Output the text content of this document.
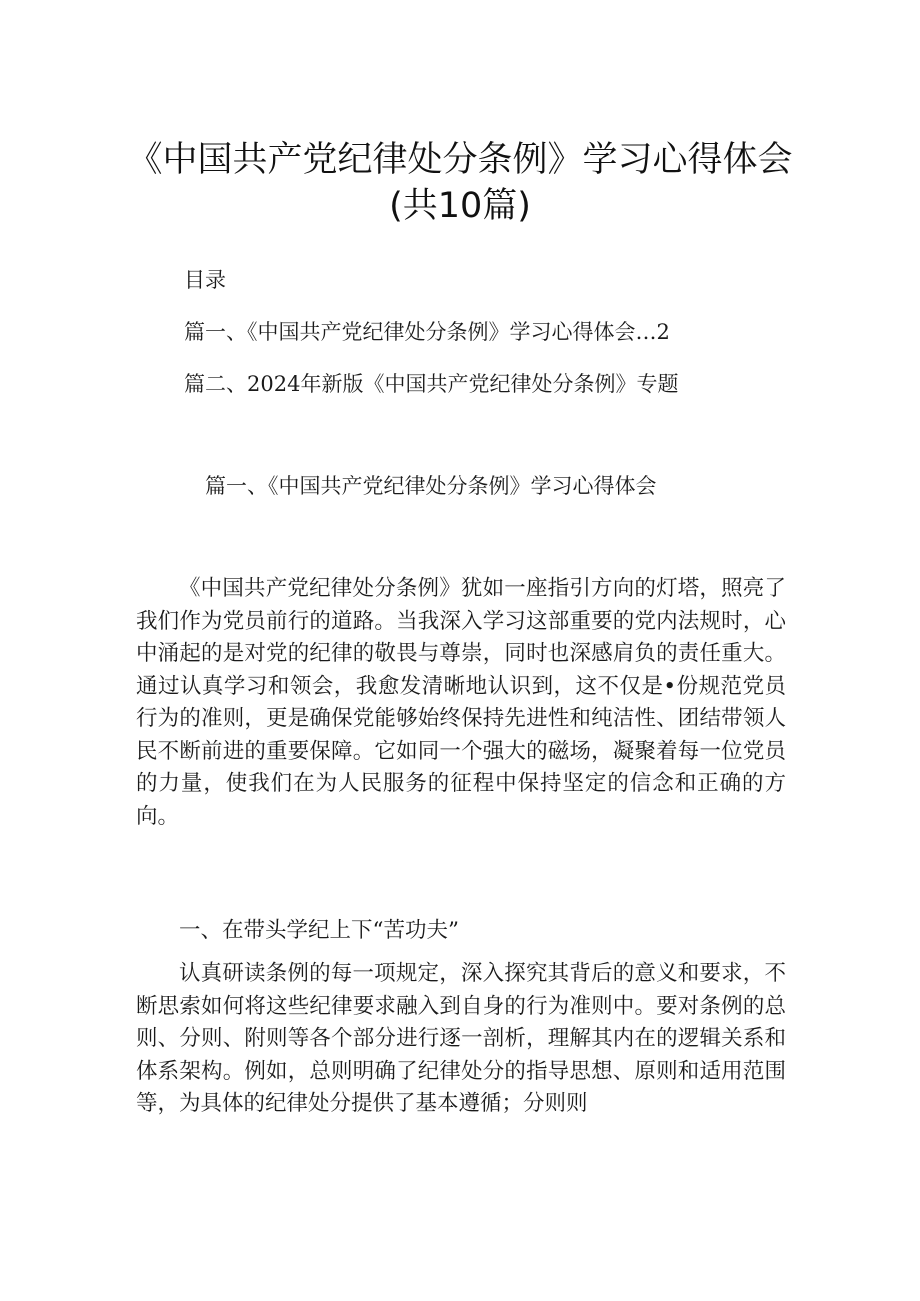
《中国共产党纪律处分条例》学习心得体会
(共10篇)
目录
篇一、《中国共产党纪律处分条例》学习心得体会…2
篇二、2024年新版《中国共产党纪律处分条例》专题
篇一、《中国共产党纪律处分条例》学习心得体会

《中国共产党纪律处分条例》犹如一座指引方向的灯塔，照亮了我们作为党员前行的道路。当我深入学习这部重要的党内法规时，心中涌起的是对党的纪律的敬畏与尊崇，同时也深感肩负的责任重大。通过认真学习和领会，我愈发清晰地认识到，这不仅是•份规范党员行为的准则，更是确保党能够始终保持先进性和纯洁性、团结带领人民不断前进的重要保障。它如同一个强大的磁场，凝聚着每一位党员的力量，使我们在为人民服务的征程中保持坚定的信念和正确的方向。

一、在带头学纪上下“苦功夫”

认真研读条例的每一项规定，深入探究其背后的意义和要求，不断思索如何将这些纪律要求融入到自身的行为准则中。要对条例的总则、分则、附则等各个部分进行逐一剖析，理解其内在的逻辑关系和体系架构。例如，总则明确了纪律处分的指导思想、原则和适用范围等，为具体的纪律处分提供了基本遵循；分则则
